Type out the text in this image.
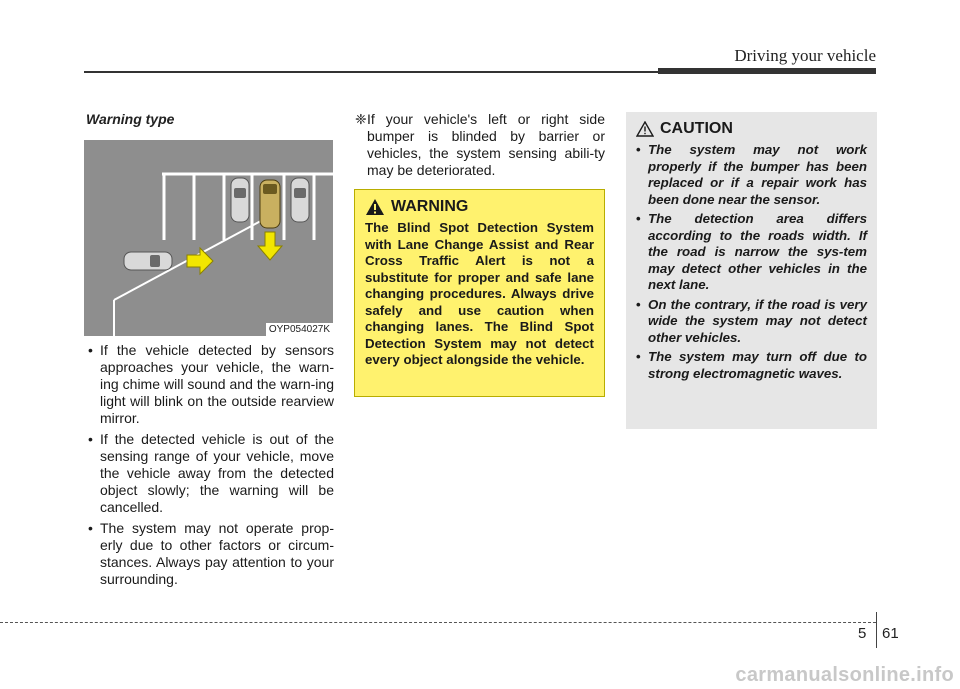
Driving your vehicle
Warning type
OYP054027K
• If the vehicle detected by sensors approaches your vehicle, the warn-ing chime will sound and the warn-ing light will blink on the outside rearview mirror.
• If the detected vehicle is out of the sensing range of your vehicle, move the vehicle away from the detected object slowly; the warning will be cancelled.
• The system may not operate prop-erly due to other factors or circum-stances. Always pay attention to your surrounding.
❈ If your vehicle's left or right side bumper is blinded by barrier or vehicles, the system sensing abili-ty may be deteriorated.
WARNING
The Blind Spot Detection System with Lane Change Assist and Rear Cross Traffic Alert is not a substitute for proper and safe lane changing procedures. Always drive safely and use caution when changing lanes. The Blind Spot Detection System may not detect every object alongside the vehicle.
CAUTION
• The system may not work properly if the bumper has been replaced or if a repair work has been done near the sensor.
• The detection area differs according to the roads width. If the road is narrow the sys-tem may detect other vehicles in the next lane.
• On the contrary, if the road is very wide the system may not detect other vehicles.
• The system may turn off due to strong electromagnetic waves.
5 61
carmanualsonline.info
